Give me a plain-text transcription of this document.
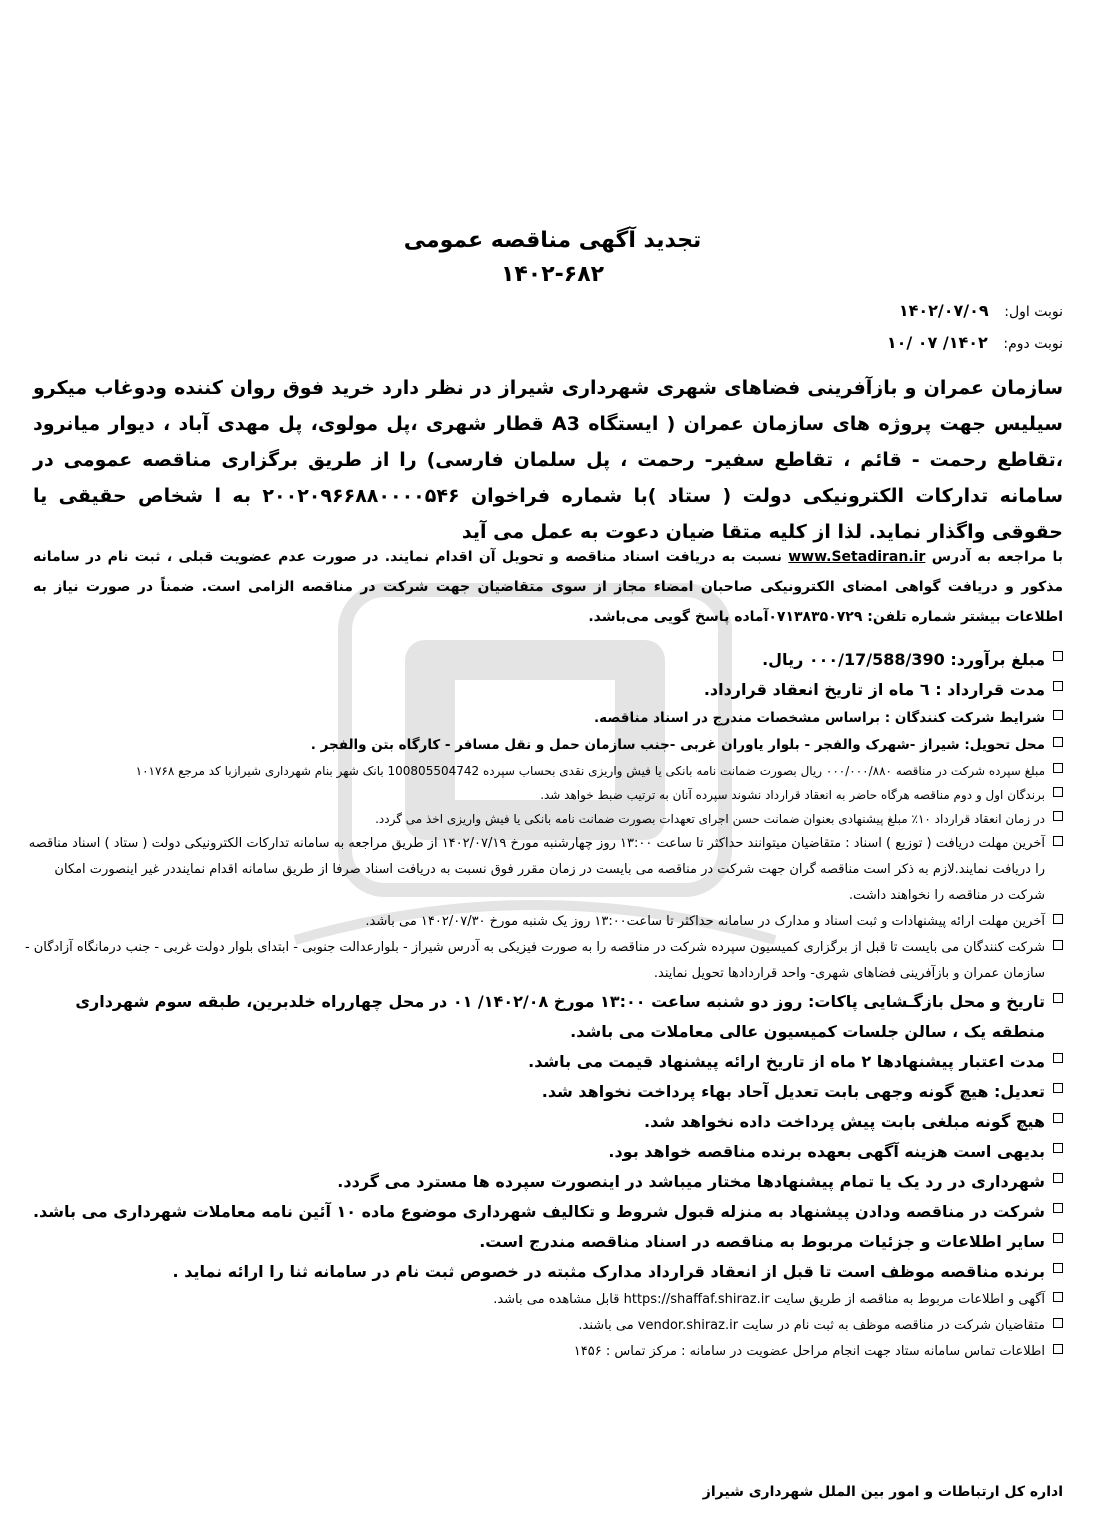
تجدید آگهی مناقصه عمومی
۱۴۰۲-۶۸۲
نوبت اول: ۱۴۰۲/۰۷/۰۹
نوبت دوم: ۱۴۰۲/ ۰۷ /۱۰
سازمان عمران و بازآفرینی فضاهای شهری شهرداری شیراز در نظر دارد خرید فوق روان کننده ودوغاب میکرو سیلیس جهت پروژه های سازمان عمران ( ایستگاه A3 قطار شهری ،پل مولوی، پل مهدی آباد ، دیوار میانرود ،تقاطع رحمت - قائم ، تقاطع سفیر- رحمت ، پل سلمان فارسی) را از طریق برگزاری مناقصه عمومی در سامانه تدارکات الکترونیکی دولت ( ستاد )با شماره فراخوان ۲۰۰۲۰۹۶۶۸۸۰۰۰۰۵۴۶ به ا شخاص حقیقی یا حقوقی واگذار نماید. لذا از کلیه متقا ضیان دعوت به عمل می آید
با مراجعه به آدرس www.Setadiran.ir نسبت به دریافت اسناد مناقصه و تحویل آن اقدام نمایند. در صورت عدم عضویت قبلی ، ثبت نام در سامانه مذکور و دریافت گواهی امضای الکترونیکی صاحبان امضاء مجاز از سوی متقاضیان جهت شرکت در مناقصه الزامی است. ضمناً در صورت نیاز به اطلاعات بیشتر شماره تلفن: ۰۷۱۳۸۳۵۰۷۲۹آماده پاسخ گویی می‌باشد.
مبلغ برآورد: ۰۰۰/17/588/390 ریال.
مدت قرارداد : ٦ ماه از تاریخ انعقاد قرارداد.
شرایط شرکت کنندگان : براساس مشخصات مندرج در اسناد مناقصه.
محل تحویل: شیراز -شهرک والفجر - بلوار یاوران غربی -جنب سازمان حمل و نقل مسافر - کارگاه بتن والفجر .
مبلغ سپرده شرکت در مناقصه ۰۰۰/۰۰۰/۸۸۰ ریال بصورت ضمانت نامه بانکی یا فیش واریزی نقدی بحساب سپرده 100805504742 بانک شهر بنام شهرداری شیرازبا کد مرجع ۱۰۱۷۶۸
برندگان اول و دوم مناقصه هرگاه حاضر به انعقاد قرارداد نشوند سپرده آنان به ترتیب ضبط خواهد شد.
در زمان انعقاد قرارداد ۱۰٪ مبلغ پیشنهادی بعنوان ضمانت حسن اجرای تعهدات بصورت ضمانت نامه بانکی یا فیش واریزی اخذ می گردد.
آخرین مهلت دریافت ( توزیع ) اسناد : متقاضیان میتوانند حداکثر تا ساعت ۱۳:۰۰ روز چهارشنبه مورخ ۱۴۰۲/۰۷/۱۹ از طریق مراجعه به سامانه تدارکات الکترونیکی دولت ( ستاد ) اسناد مناقصه را دریافت نمایند.لازم به ذکر است مناقصه گران جهت شرکت در مناقصه می بایست در زمان مقرر فوق نسبت به دریافت اسناد صرفا از طریق سامانه اقدام نماینددر غیر اینصورت امکان شرکت در مناقصه را نخواهند داشت.
آخرین مهلت ارائه پیشنهادات و ثبت اسناد و مدارک در سامانه حداکثر تا ساعت۱۳:۰۰ روز یک شنبه مورخ ۱۴۰۲/۰۷/۳۰ می باشد.
شرکت کنندگان می بایست تا قبل از برگزاری کمیسیون سپرده شرکت در مناقصه را به صورت فیزیکی به آدرس شیراز - بلوارعدالت جنوبی - ابتدای بلوار دولت غربی - جنب درمانگاه آزادگان - سازمان عمران و بازآفرینی فضاهای شهری- واحد قراردادها تحویل نمایند.
تاریخ و محل بازگـشایی پاکات: روز دو شنبه ساعت ۱۳:۰۰ مورخ ۱۴۰۲/۰۸/ ۰۱ در محل چهارراه خلدبرین، طبقه سوم شهرداری منطقه یک ، سالن جلسات کمیسیون عالی معاملات می باشد.
مدت اعتبار پیشنهادها ۲ ماه از تاریخ ارائه پیشنهاد قیمت می باشد.
تعدیل: هیچ گونه وجهی بابت تعدیل آحاد بهاء پرداخت نخواهد شد.
هیچ گونه مبلغی بابت پیش پرداخت داده نخواهد شد.
بدیهی است هزینه آگهی بعهده برنده مناقصه خواهد بود.
شهرداری در رد یک یا تمام پیشنهادها مختار میباشد در اینصورت سپرده ها مسترد می گردد.
شرکت در مناقصه ودادن پیشنهاد به منزله قبول شروط و تکالیف شهرداری موضوع ماده ۱۰ آئین نامه معاملات شهرداری می باشد.
سایر اطلاعات و جزئیات مربوط به مناقصه در اسناد مناقصه مندرج است.
برنده مناقصه موظف است تا قبل از انعقاد قرارداد مدارک مثبته در خصوص ثبت نام در سامانه ثنا را ارائه نماید .
آگهی و اطلاعات مربوط به مناقصه از طریق سایت https://shaffaf.shiraz.ir قابل مشاهده می باشد.
متقاضیان شرکت در مناقصه موظف به ثبت نام در سایت vendor.shiraz.ir می باشند.
اطلاعات تماس سامانه ستاد جهت انجام مراحل عضویت در سامانه : مرکز تماس : ۱۴۵۶
اداره کل ارتباطات و امور بین الملل شهرداری شیراز
